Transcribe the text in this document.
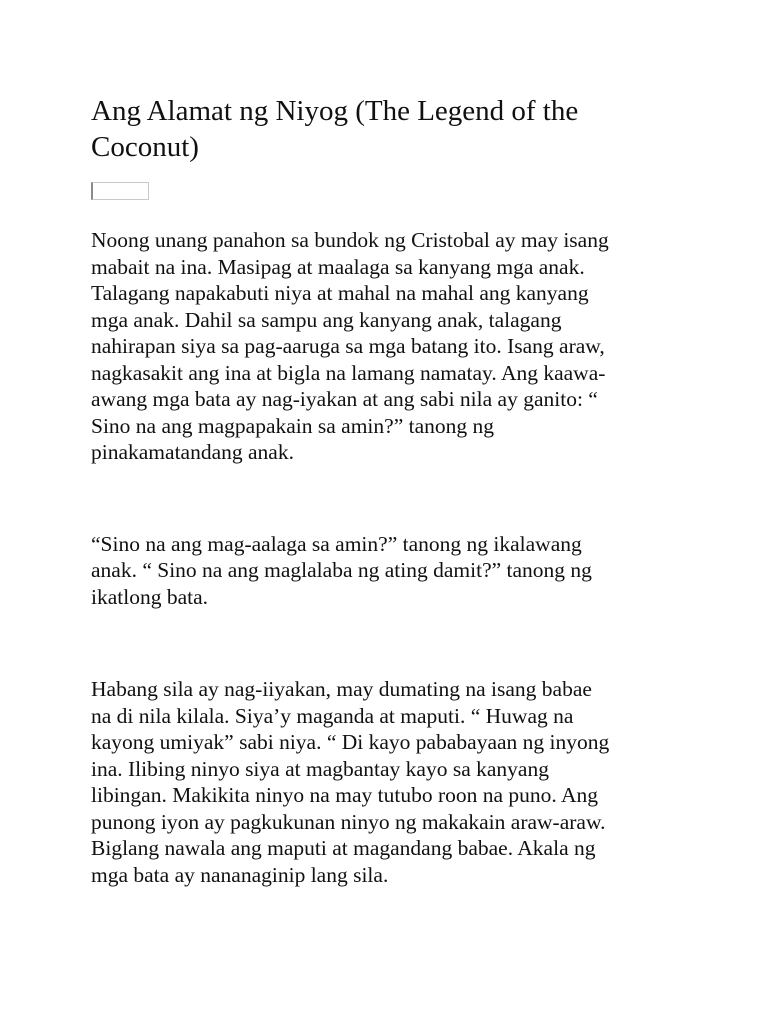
Ang Alamat ng Niyog (The Legend of the
Coconut)

Noong unang panahon sa bundok ng Cristobal ay may isang
mabait na ina. Masipag at maalaga sa kanyang mga anak.
Talagang napakabuti niya at mahal na mahal ang kanyang
mga anak. Dahil sa sampu ang kanyang anak, talagang
nahirapan siya sa pag-aaruga sa mga batang ito. Isang araw,
nagkasakit ang ina at bigla na lamang namatay. Ang kaawa-
awang mga bata ay nag-iyakan at ang sabi nila ay ganito: “
Sino na ang magpapakain sa amin?” tanong ng
pinakamatandang anak.

“Sino na ang mag-aalaga sa amin?” tanong ng ikalawang
anak. “ Sino na ang maglalaba ng ating damit?” tanong ng
ikatlong bata.

Habang sila ay nag-iiyakan, may dumating na isang babae
na di nila kilala. Siya’y maganda at maputi. “ Huwag na
kayong umiyak” sabi niya. “ Di kayo pababayaan ng inyong
ina. Ilibing ninyo siya at magbantay kayo sa kanyang
libingan. Makikita ninyo na may tutubo roon na puno. Ang
punong iyon ay pagkukunan ninyo ng makakain araw-araw.
Biglang nawala ang maputi at magandang babae. Akala ng
mga bata ay nananaginip lang sila.
